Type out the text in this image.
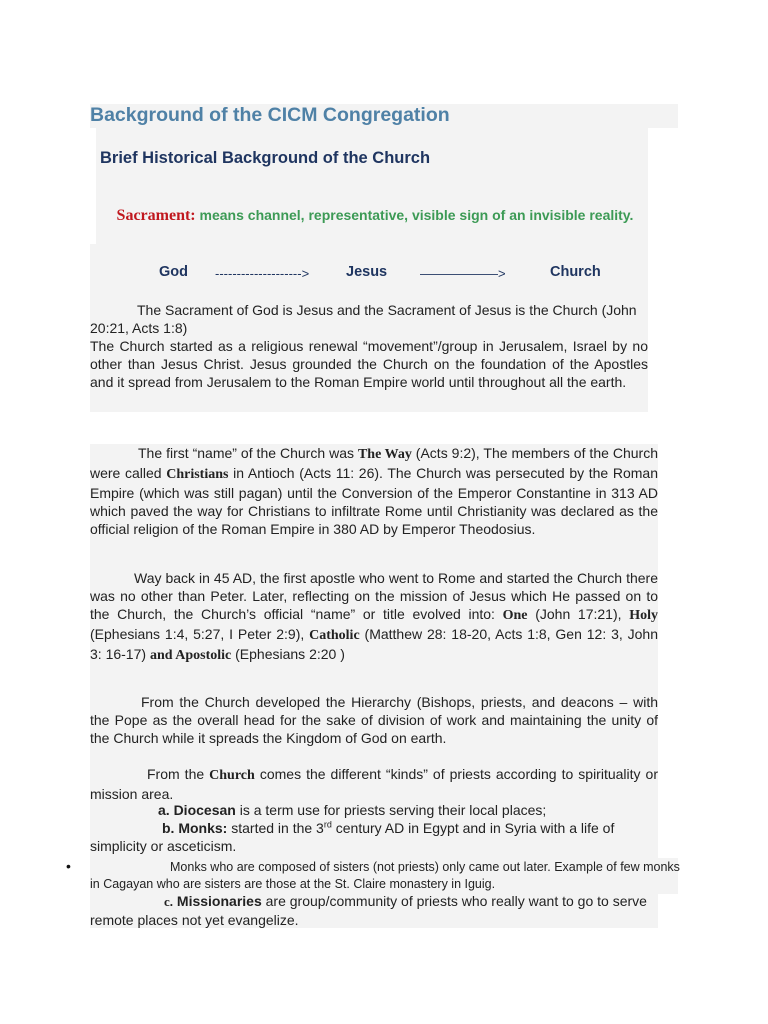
Background of the CICM Congregation
Brief Historical Background of the Church
Sacrament: means channel, representative, visible sign of an invisible reality.
God -------------------->	Jesus	——————>	Church
The Sacrament of God is Jesus and the Sacrament of Jesus is the Church (John 20:21, Acts 1:8)

The Church started as a religious renewal “movement”/group in Jerusalem, Israel by no other than Jesus Christ. Jesus grounded the Church on the foundation of the Apostles and it spread from Jerusalem to the Roman Empire world until throughout all the earth.
The first “name” of the Church was The Way (Acts 9:2), The members of the Church were called Christians in Antioch (Acts 11: 26). The Church was persecuted by the Roman Empire (which was still pagan) until the Conversion of the Emperor Constantine in 313 AD which paved the way for Christians to infiltrate Rome until Christianity was declared as the official religion of the Roman Empire in 380 AD by Emperor Theodosius.
Way back in 45 AD, the first apostle who went to Rome and started the Church there was no other than Peter. Later, reflecting on the mission of Jesus which He passed on to the Church, the Church’s official “name” or title evolved into: One (John 17:21), Holy (Ephesians 1:4, 5:27, I Peter 2:9), Catholic (Matthew 28: 18-20, Acts 1:8, Gen 12: 3, John 3: 16-17) and Apostolic (Ephesians 2:20 )
From the Church developed the Hierarchy (Bishops, priests, and deacons – with the Pope as the overall head for the sake of division of work and maintaining the unity of the Church while it spreads the Kingdom of God on earth.
From the Church comes the different “kinds” of priests according to spirituality or mission area.
a. Diocesan is a term use for priests serving their local places;
b. Monks: started in the 3rd century AD in Egypt and in Syria with a life of simplicity or asceticism.
•	Monks who are composed of sisters (not priests) only came out later. Example of few monks in Cagayan who are sisters are those at the St. Claire monastery in Iguig.
c. Missionaries are group/community of priests who really want to go to serve remote places not yet evangelize.
